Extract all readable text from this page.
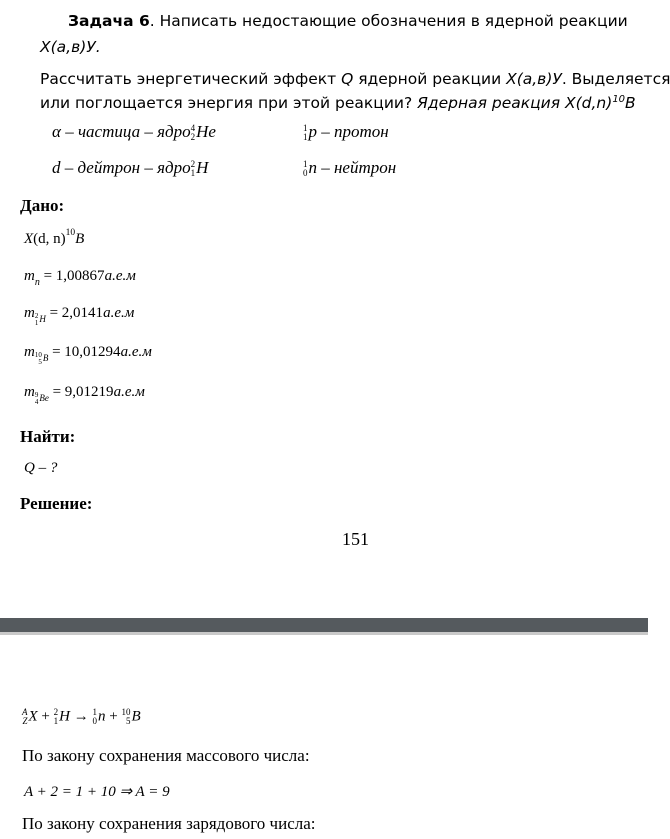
Задача 6. Написать недостающие обозначения в ядерной реакции
Х(а,в)У.
Рассчитать энергетический эффект Q ядерной реакции Х(а,в)У. Выделяется
или поглощается энергия при этой реакции? Ядерная реакция $X(d,n)^{10}B$
α – частица – ядро 4
2 He	1
1 p – протон
d – дейтрон – ядро 2
1 H	1
0 n – нейтрон
Дано:
X(d, n)$^{10}$B
$m_n = 1,00867а.е.м$
m 2
1 H = 2,0141а.е.м
m 10
5 B = 10,01294а.е.м
m 9
4 Be = 9,01219а.е.м
Найти:
Q – ?
Решение:
151
A
Z X + 2
1 H → 1
0 n + 10
5 B
По закону сохранения массового числа:
A + 2 = 1 + 10 ⇒ A = 9
По закону сохранения зарядового числа:
